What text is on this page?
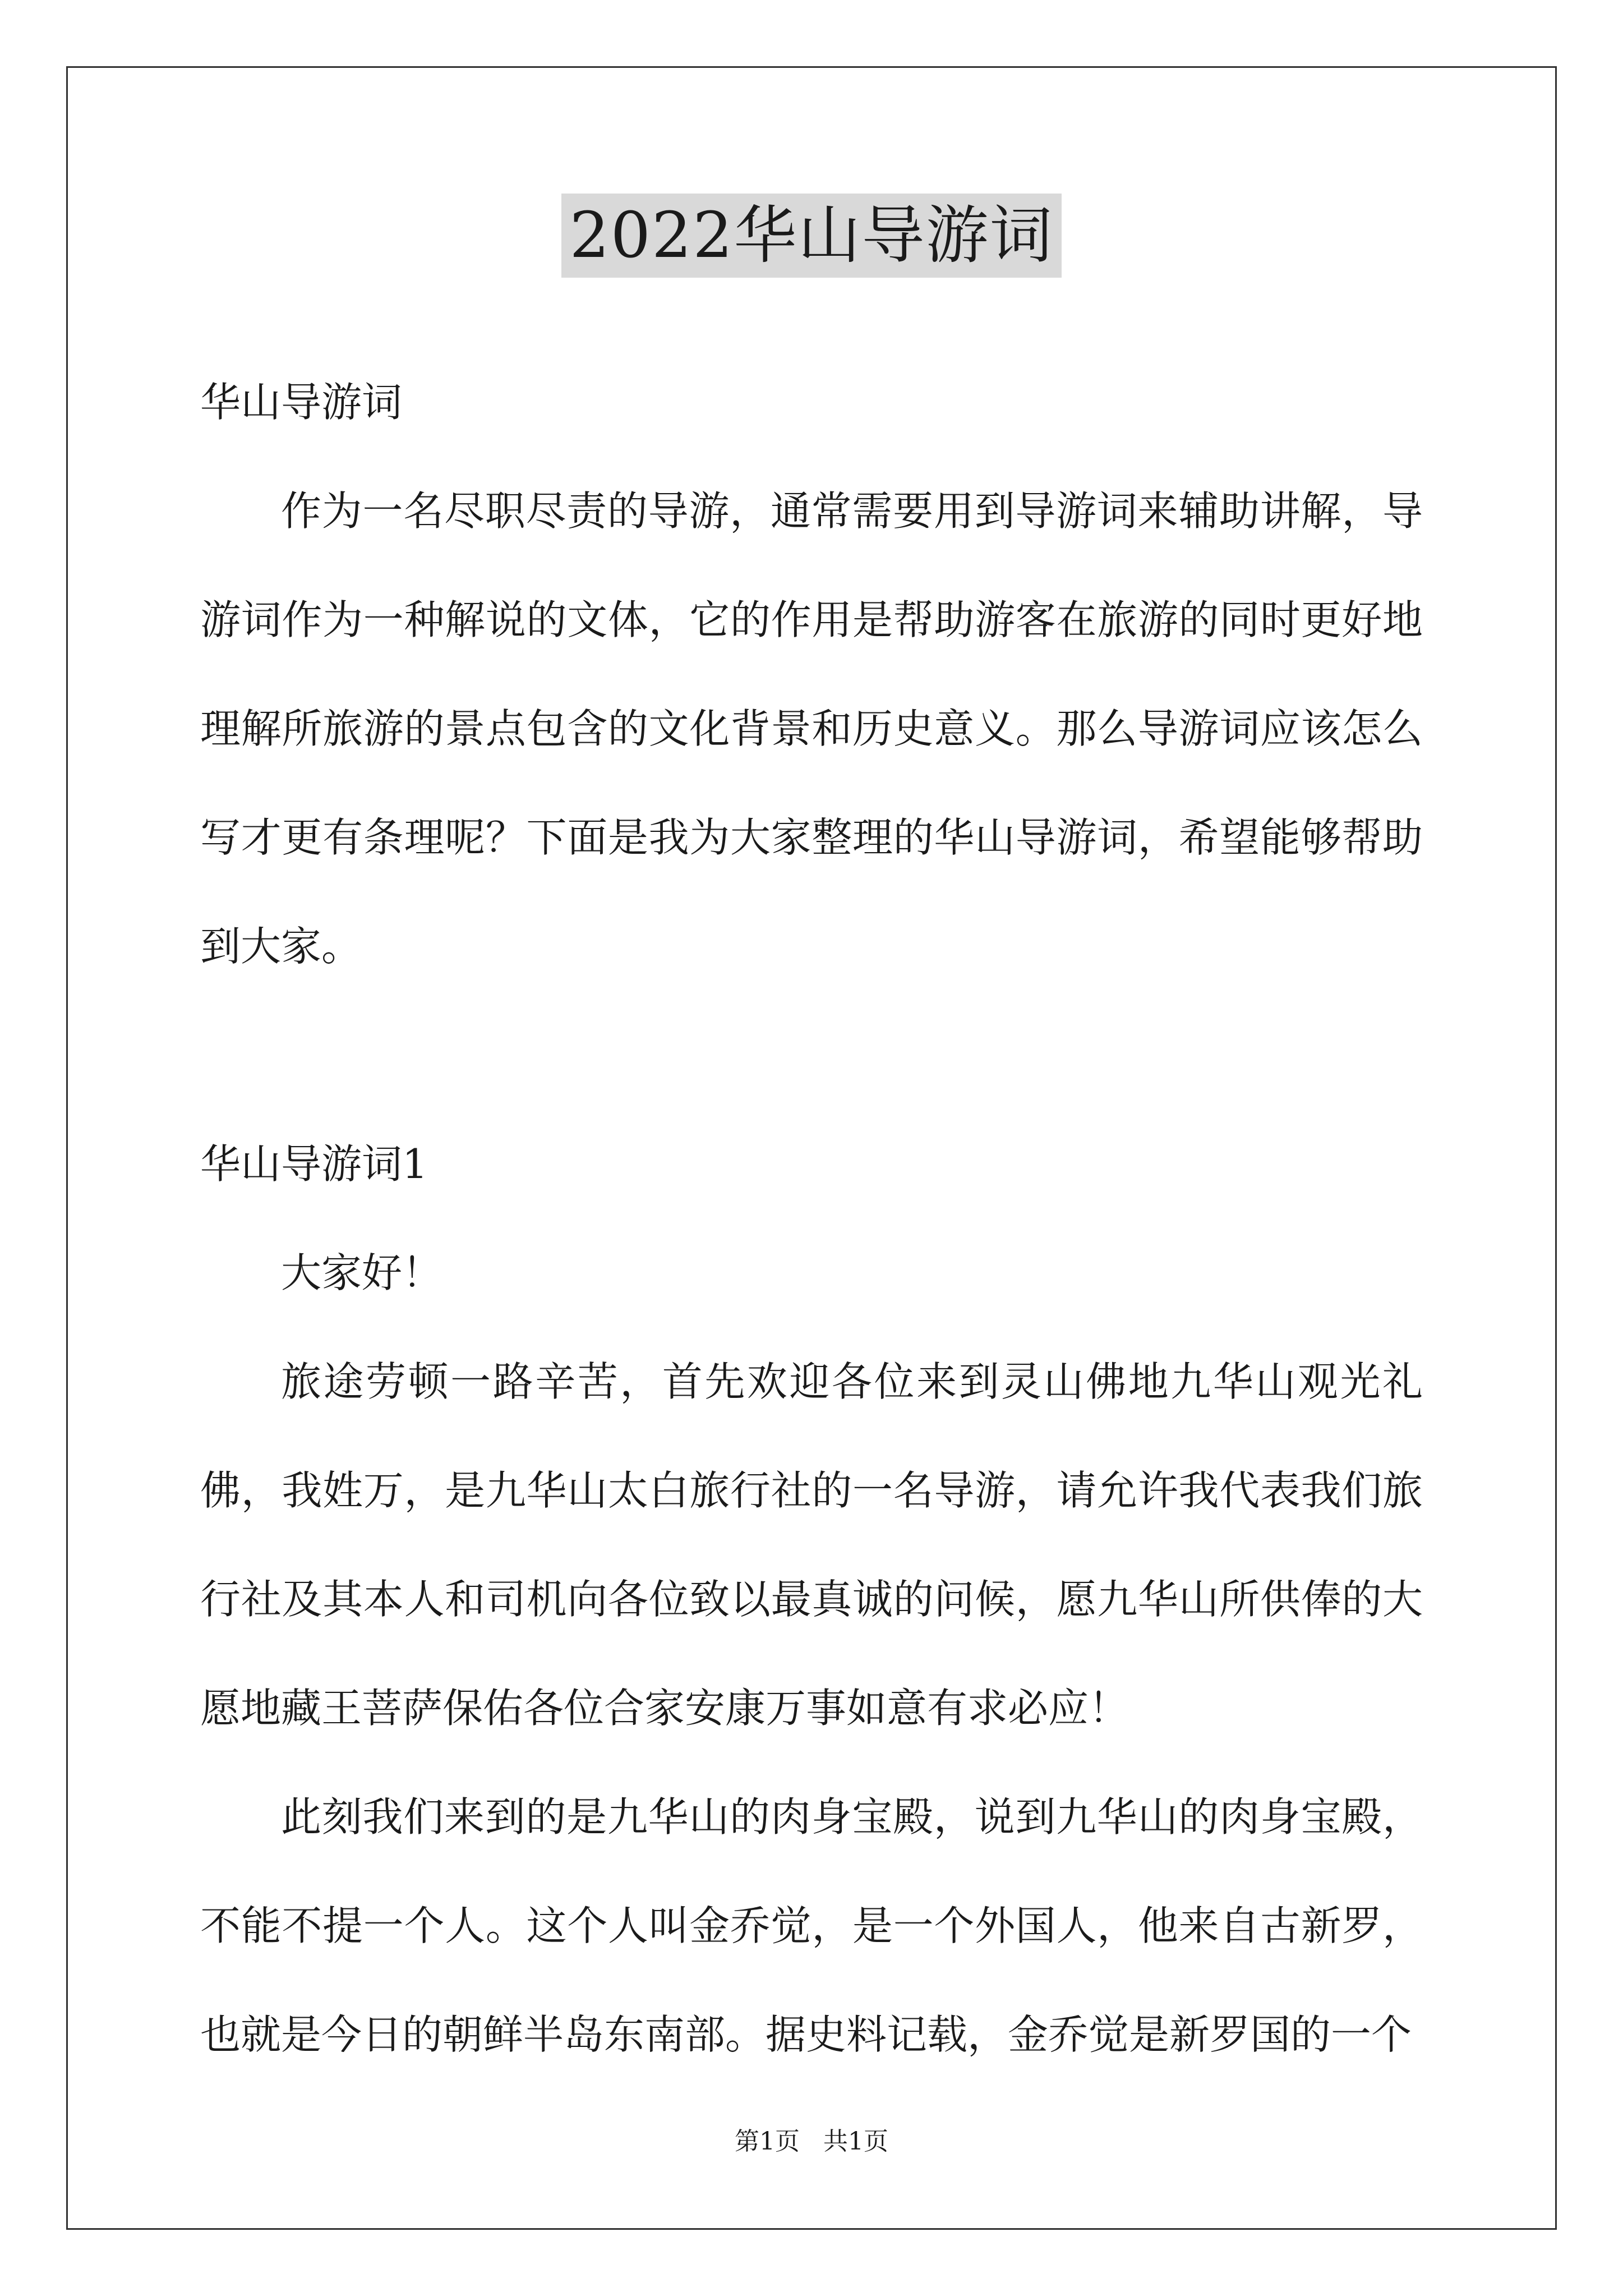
2022华山导游词

华山导游词

作为一名尽职尽责的导游，通常需要用到导游词来辅助讲解，导游词作为一种解说的文体，它的作用是帮助游客在旅游的同时更好地理解所旅游的景点包含的文化背景和历史意义。那么导游词应该怎么写才更有条理呢？下面是我为大家整理的华山导游词，希望能够帮助到大家。

华山导游词1

大家好！

旅途劳顿一路辛苦，首先欢迎各位来到灵山佛地九华山观光礼佛，我姓万，是九华山太白旅行社的一名导游，请允许我代表我们旅行社及其本人和司机向各位致以最真诚的问候，愿九华山所供俸的大愿地藏王菩萨保佑各位合家安康万事如意有求必应！

此刻我们来到的是九华山的肉身宝殿，说到九华山的肉身宝殿，不能不提一个人。这个人叫金乔觉，是一个外国人，他来自古新罗，也就是今日的朝鲜半岛东南部。据史料记载，金乔觉是新罗国的一个

第1页   共1页
